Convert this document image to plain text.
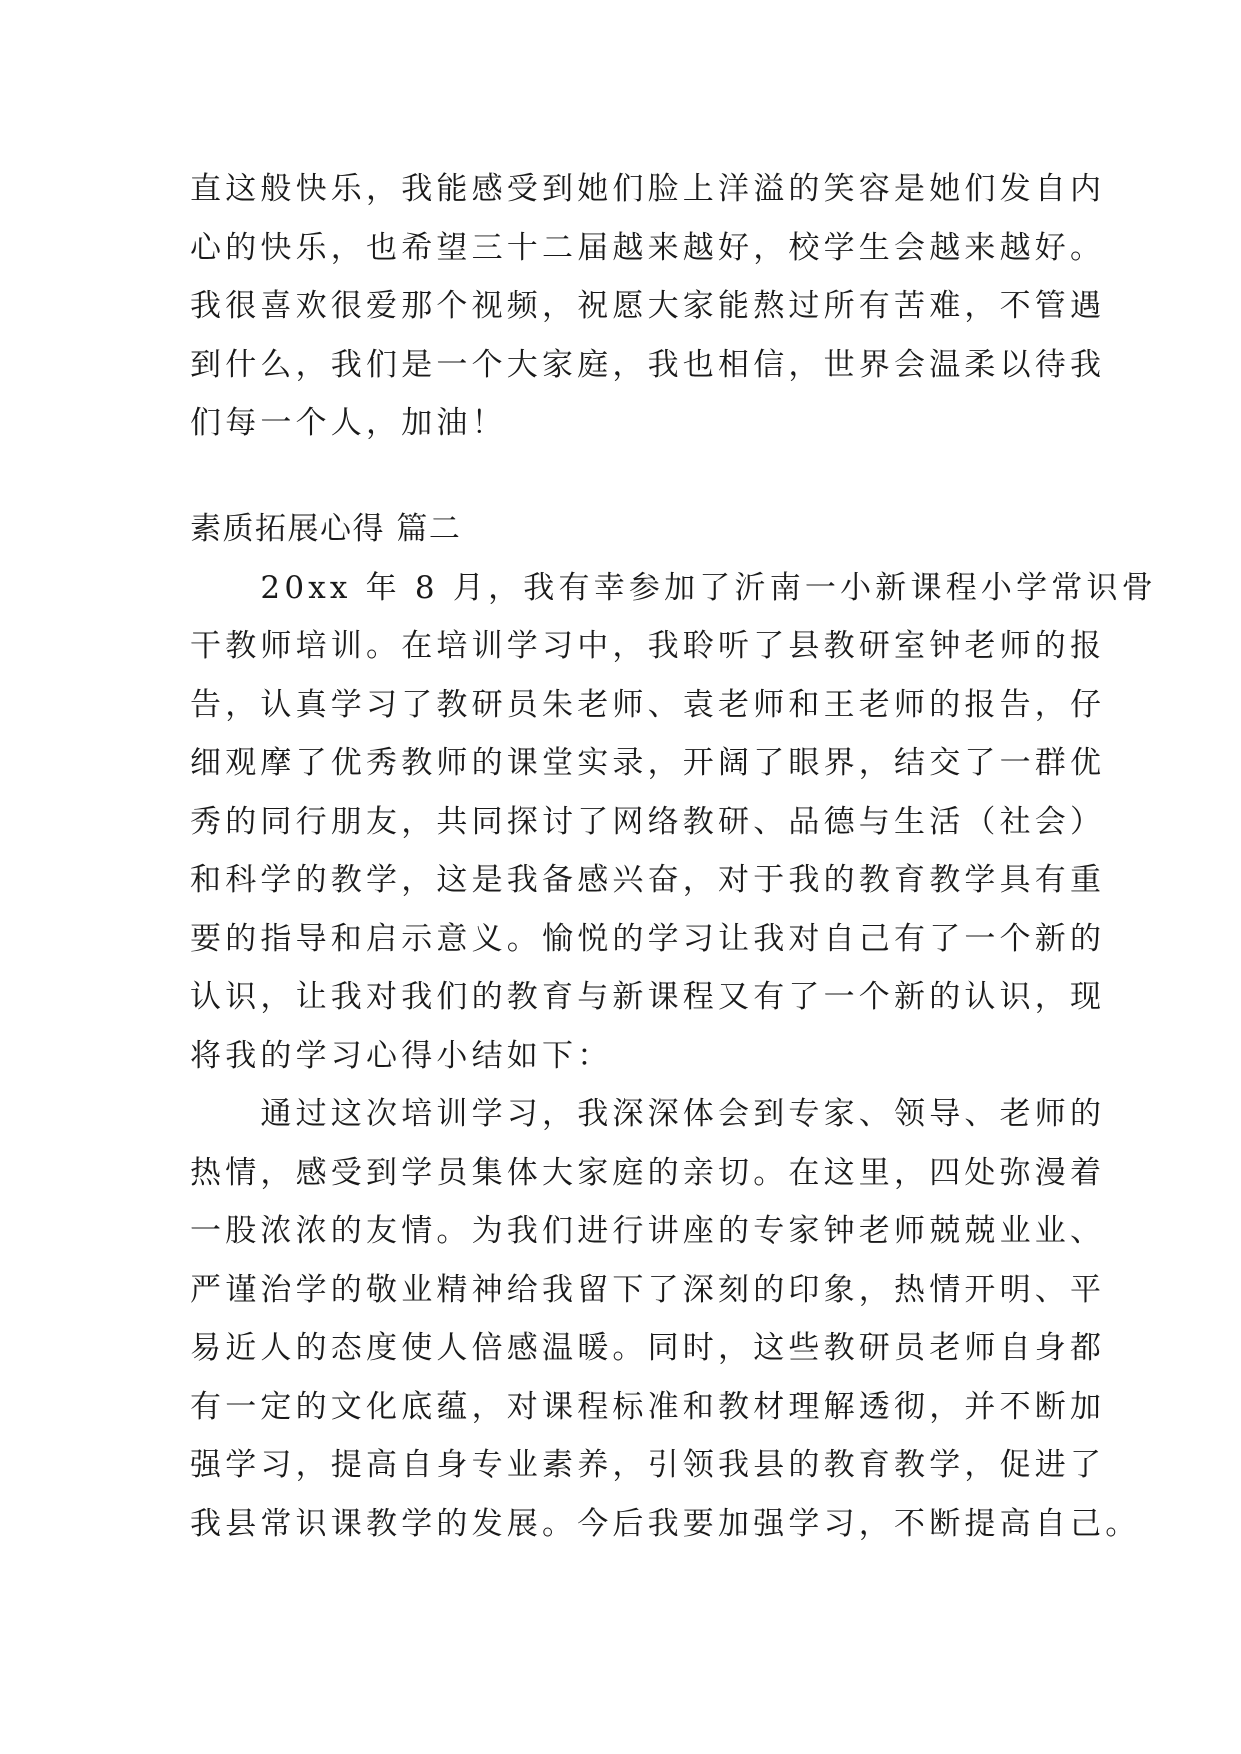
直这般快乐，我能感受到她们脸上洋溢的笑容是她们发自内
心的快乐，也希望三十二届越来越好，校学生会越来越好。
我很喜欢很爱那个视频，祝愿大家能熬过所有苦难，不管遇
到什么，我们是一个大家庭，我也相信，世界会温柔以待我
们每一个人，加油！
素质拓展心得 篇二
　　20xx 年 8 月，我有幸参加了沂南一小新课程小学常识骨
干教师培训。在培训学习中，我聆听了县教研室钟老师的报
告，认真学习了教研员朱老师、袁老师和王老师的报告，仔
细观摩了优秀教师的课堂实录，开阔了眼界，结交了一群优
秀的同行朋友，共同探讨了网络教研、品德与生活（社会）
和科学的教学，这是我备感兴奋，对于我的教育教学具有重
要的指导和启示意义。愉悦的学习让我对自己有了一个新的
认识，让我对我们的教育与新课程又有了一个新的认识，现
将我的学习心得小结如下：
　　通过这次培训学习，我深深体会到专家、领导、老师的
热情，感受到学员集体大家庭的亲切。在这里，四处弥漫着
一股浓浓的友情。为我们进行讲座的专家钟老师兢兢业业、
严谨治学的敬业精神给我留下了深刻的印象，热情开明、平
易近人的态度使人倍感温暖。同时，这些教研员老师自身都
有一定的文化底蕴，对课程标准和教材理解透彻，并不断加
强学习，提高自身专业素养，引领我县的教育教学，促进了
我县常识课教学的发展。今后我要加强学习，不断提高自己。
